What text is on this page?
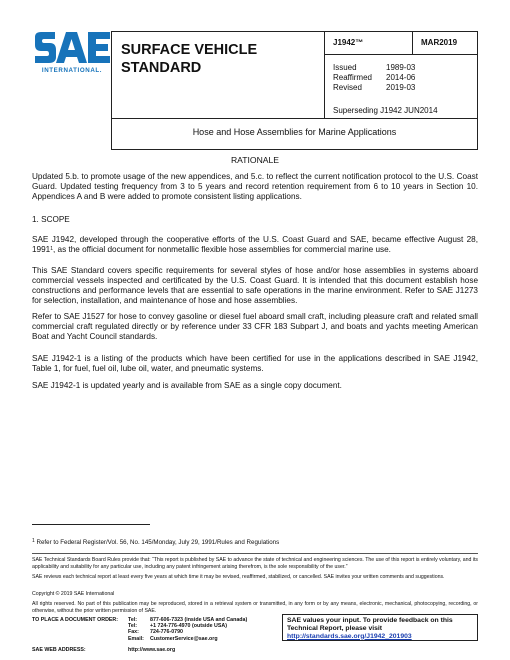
INTERNATIONAL.
SURFACE VEHICLE STANDARD
J1942™	MAR2019
Issued	1989-03
Reaffirmed 2014-06
Revised	2019-03
Superseding J1942 JUN2014
Hose and Hose Assemblies for Marine Applications
RATIONALE
Updated 5.b. to promote usage of the new appendices, and 5.c. to reflect the current notification protocol to the U.S. Coast Guard. Updated testing frequency from 3 to 5 years and record retention requirement from 6 to 10 years in Section 10. Appendices A and B were added to promote consistent listing applications.
1. SCOPE
SAE J1942, developed through the cooperative efforts of the U.S. Coast Guard and SAE, became effective August 28, 1991$^1$, as the official document for nonmetallic flexible hose assemblies for commercial marine use.
This SAE Standard covers specific requirements for several styles of hose and/or hose assemblies in systems aboard commercial vessels inspected and certificated by the U.S. Coast Guard. It is intended that this document establish hose constructions and performance levels that are essential to safe operations in the marine environment. Refer to SAE J1273 for selection, installation, and maintenance of hose and hose assemblies.
Refer to SAE J1527 for hose to convey gasoline or diesel fuel aboard small craft, including pleasure craft and related small commercial craft regulated directly or by reference under 33 CFR 183 Subpart J, and boats and yachts meeting American Boat and Yacht Council standards.
SAE J1942-1 is a listing of the products which have been certified for use in the applications described in SAE J1942, Table 1, for fuel, fuel oil, lube oil, water, and pneumatic systems.
SAE J1942-1 is updated yearly and is available from SAE as a single copy document.
$^1$ Refer to Federal Register/Vol. 56, No. 145/Monday, July 29, 1991/Rules and Regulations
SAE Technical Standards Board Rules provide that: “This report is published by SAE to advance the state of technical and engineering sciences. The use of this report is entirely voluntary, and its applicability and suitability for any particular use, including any patent infringement arising therefrom, is the sole responsibility of the user.”
SAE reviews each technical report at least every five years at which time it may be revised, reaffirmed, stabilized, or cancelled. SAE invites your written comments and suggestions.
Copyright © 2019 SAE International
All rights reserved. No part of this publication may be reproduced, stored in a retrieval system or transmitted, in any form or by any means, electronic, mechanical, photocopying, recording, or otherwise, without the prior written permission of SAE.
TO PLACE A DOCUMENT ORDER: Tel: 877-606-7323 (inside USA and Canada)
Tel: +1 724-776-4970 (outside USA)
Fax: 724-776-0790
Email: CustomerService@sae.org
SAE WEB ADDRESS:	http://www.sae.org
SAE values your input. To provide feedback on this
Technical Report, please visit
http://standards.sae.org/J1942_201903
